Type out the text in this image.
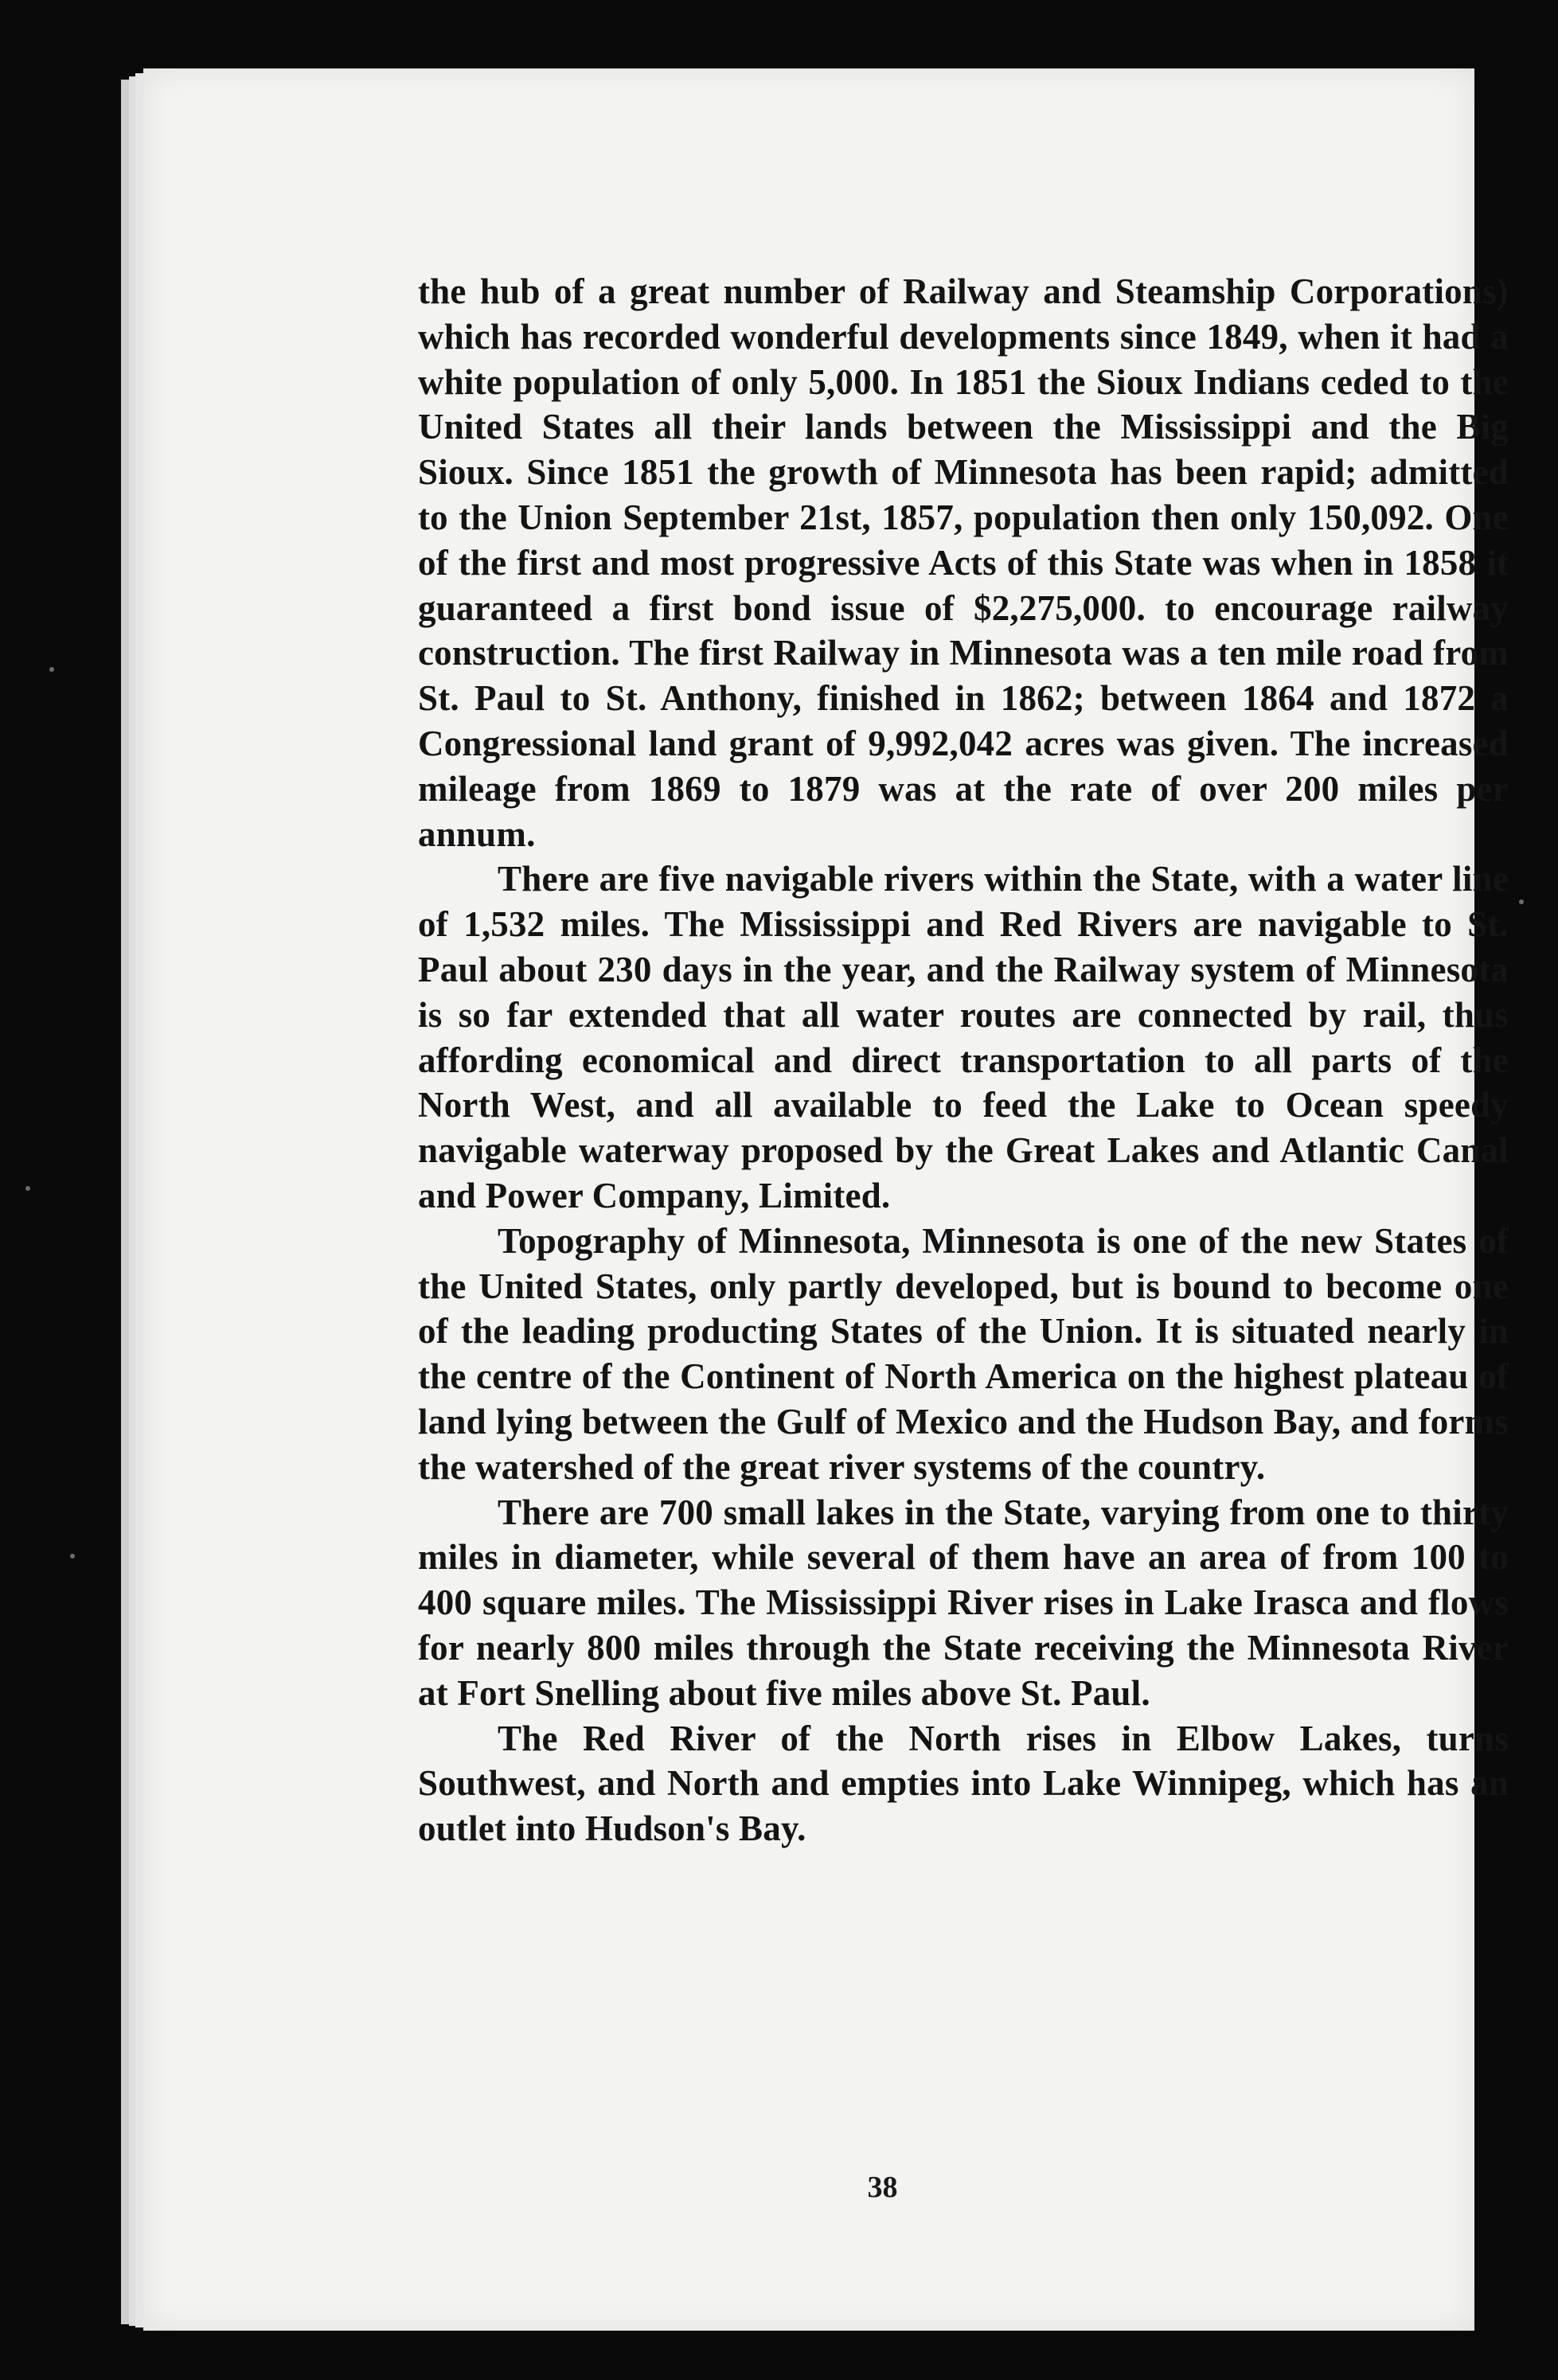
the hub of a great number of Railway and Steamship Corporations) which has recorded wonderful developments since 1849, when it had a white population of only 5,000. In 1851 the Sioux Indians ceded to the United States all their lands between the Mississippi and the Big Sioux. Since 1851 the growth of Minnesota has been rapid; admitted to the Union September 21st, 1857, population then only 150,092. One of the first and most progressive Acts of this State was when in 1858 it guaranteed a first bond issue of $2,275,000. to encourage railway construction. The first Railway in Minnesota was a ten mile road from St. Paul to St. Anthony, finished in 1862; between 1864 and 1872 a Congressional land grant of 9,992,042 acres was given. The increased mileage from 1869 to 1879 was at the rate of over 200 miles per annum.

There are five navigable rivers within the State, with a water line of 1,532 miles. The Mississippi and Red Rivers are navigable to St. Paul about 230 days in the year, and the Railway system of Minnesota is so far extended that all water routes are connected by rail, thus affording economical and direct transportation to all parts of the North West, and all available to feed the Lake to Ocean speedy navigable waterway proposed by the Great Lakes and Atlantic Canal and Power Company, Limited.

Topography of Minnesota, Minnesota is one of the new States of the United States, only partly developed, but is bound to become one of the leading producting States of the Union. It is situated nearly in the centre of the Continent of North America on the highest plateau of land lying between the Gulf of Mexico and the Hudson Bay, and forms the watershed of the great river systems of the country.

There are 700 small lakes in the State, varying from one to thirty miles in diameter, while several of them have an area of from 100 to 400 square miles. The Mississippi River rises in Lake Irasca and flows for nearly 800 miles through the State receiving the Minnesota River at Fort Snelling about five miles above St. Paul.

The Red River of the North rises in Elbow Lakes, turns Southwest, and North and empties into Lake Winnipeg, which has an outlet into Hudson's Bay.

38
